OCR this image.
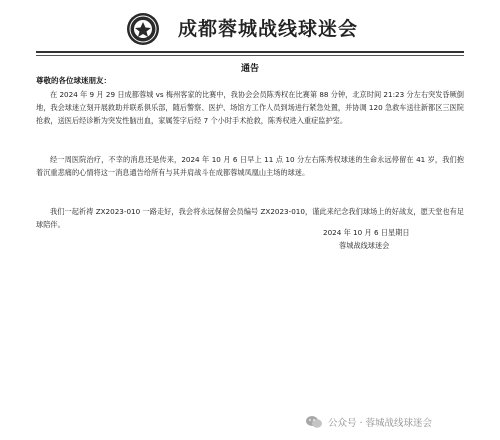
成都蓉城战线球迷会
通告
尊敬的各位球迷朋友：

在 2024 年 9 月 29 日成都蓉城 vs 梅州客家的比赛中，我协会会员陈秀权在比赛第 88 分钟，北京时间 21:23 分左右突发昏厥倒地，我会球迷立刻开展救助并联系俱乐部，随后警察、医护、场馆方工作人员到场进行紧急处置，并协调 120 急救车送往新都区三医院抢救，送医后经诊断为突发性脑出血，家属签字后经 7 个小时手术抢救，陈秀权进入重症监护室。

经一周医院治疗，不幸的消息还是传来，2024 年 10 月 6 日早上 11 点 10 分左右陈秀权球迷的生命永远停留在 41 岁，我们抱着沉重悲痛的心情将这一消息通告给所有与其并肩战斗在成都蓉城凤凰山主场的球迷。

我们一起祈祷 ZX2023-010 一路走好，我会将永远保留会员编号 ZX2023-010，谨此来纪念我们球场上的好战友，愿天堂也有足球陪伴。

2024 年 10 月 6 日星期日
蓉城战线球迷会
公众号 · 蓉城战线球迷会
